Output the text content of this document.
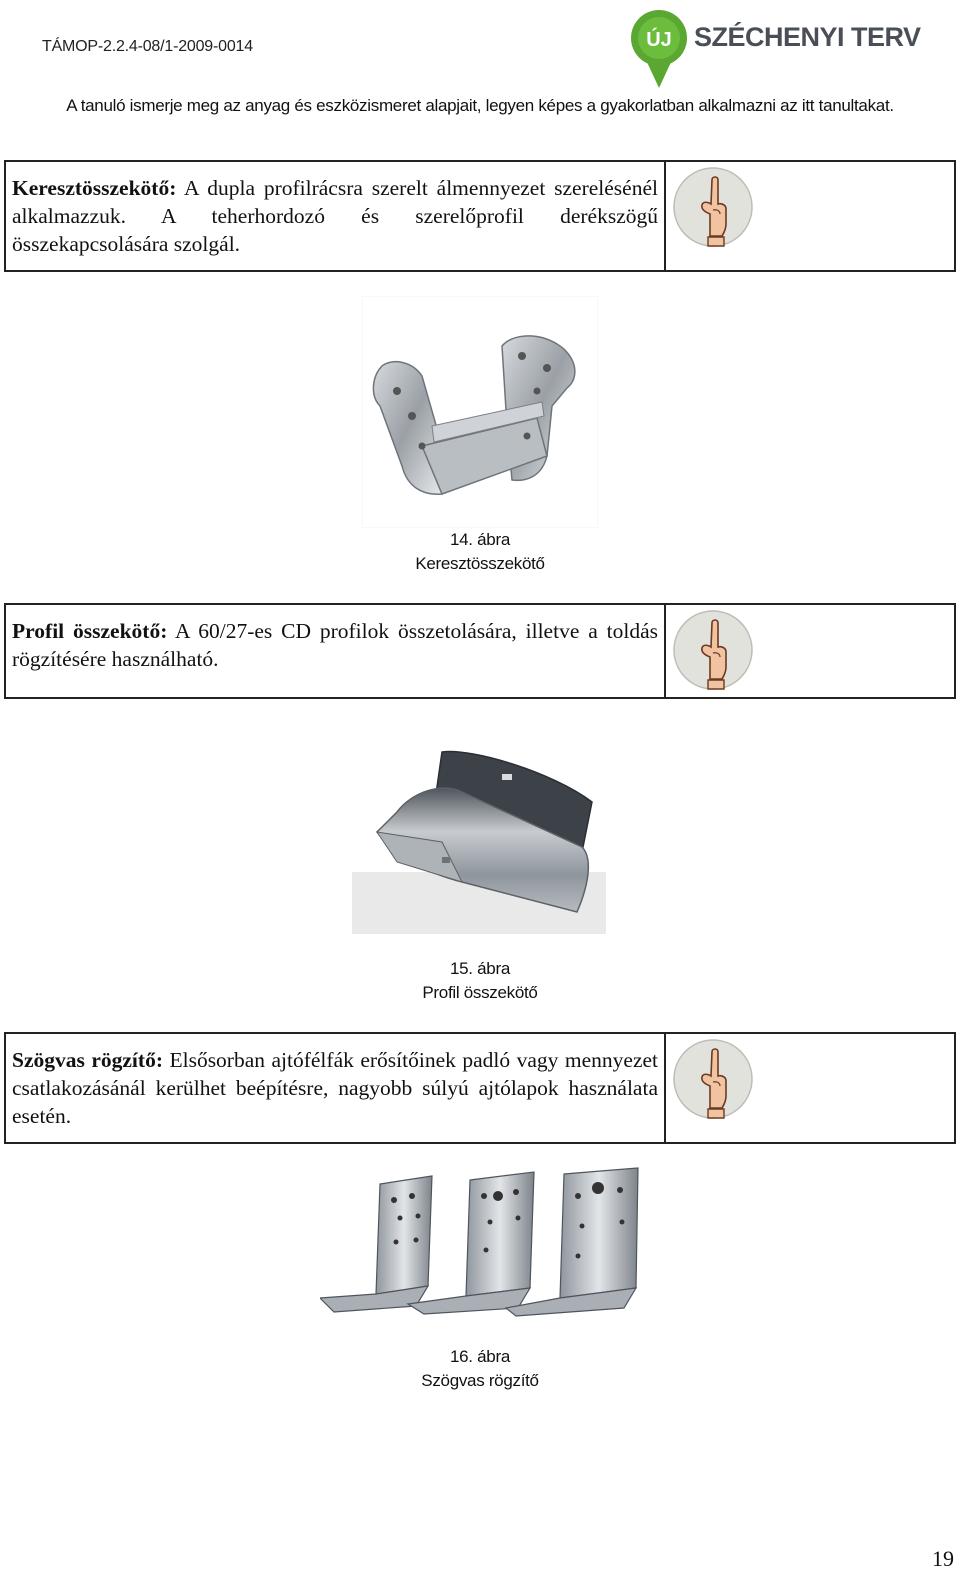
TÁMOP-2.2.4-08/1-2009-0014	ÚJ SZÉCHENYI TERV
A tanuló ismerje meg az anyag és eszközismeret alapjait, legyen képes a gyakorlatban alkalmazni az itt tanultakat.
Keresztösszekötő: A dupla profilrácsra szerelt álmennyezet szerelésénél alkalmazzuk. A teherhordozó és szerelőprofil derékszögű összekapcsolására szolgál.
14. ábra
Keresztösszekötő
Profil összekötő: A 60/27-es CD profilok összetolására, illetve a toldás rögzítésére használható.
15. ábra
Profil összekötő
Szögvas rögzítő: Elsősorban ajtófélfák erősítőinek padló vagy mennyezet csatlakozásánál kerülhet beépítésre, nagyobb súlyú ajtólapok használata esetén.
16. ábra
Szögvas rögzítő
19
